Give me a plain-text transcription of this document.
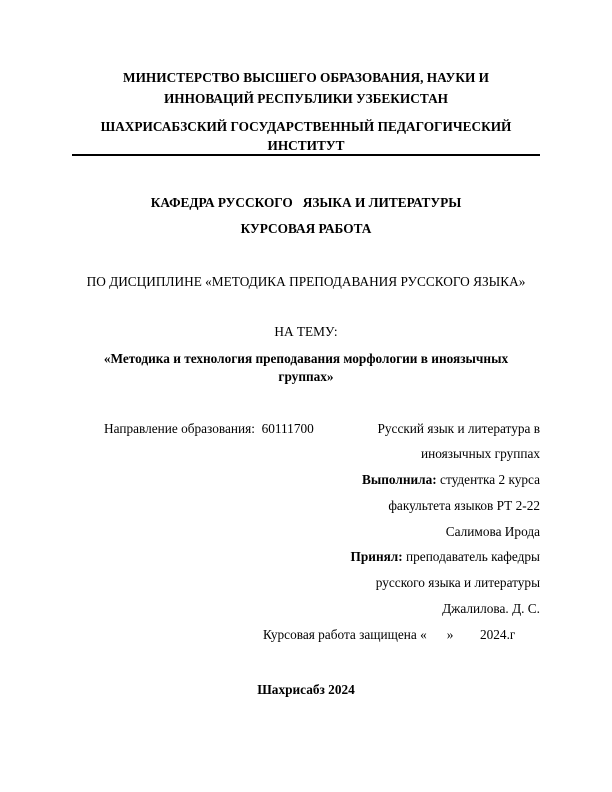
МИНИСТЕРСТВО ВЫСШЕГО ОБРАЗОВАНИЯ, НАУКИ И
ИННОВАЦИЙ РЕСПУБЛИКИ УЗБЕКИСТАН
ШАХРИСАБЗСКИЙ ГОСУДАРСТВЕННЫЙ ПЕДАГОГИЧЕСКИЙ
ИНСТИТУТ
КАФЕДРА РУССКОГО   ЯЗЫКА И ЛИТЕРАТУРЫ
КУРСОВАЯ РАБОТА
ПО ДИСЦИПЛИНЕ «МЕТОДИКА ПРЕПОДАВАНИЯ РУССКОГО ЯЗЫКА»
НА ТЕМУ:
«Методика и технология преподавания морфологии в иноязычных
группах»
Направление образования:  60111700	Русский язык и литература в
иноязычных группах
Выполнила: студентка 2 курса
факультета языков РТ 2-22
Салимова Ирода
Принял: преподаватель кафедры
русского языка и литературы
Джалилова. Д. С.
Курсовая работа защищена «      »        2024.г
Шахрисабз 2024
